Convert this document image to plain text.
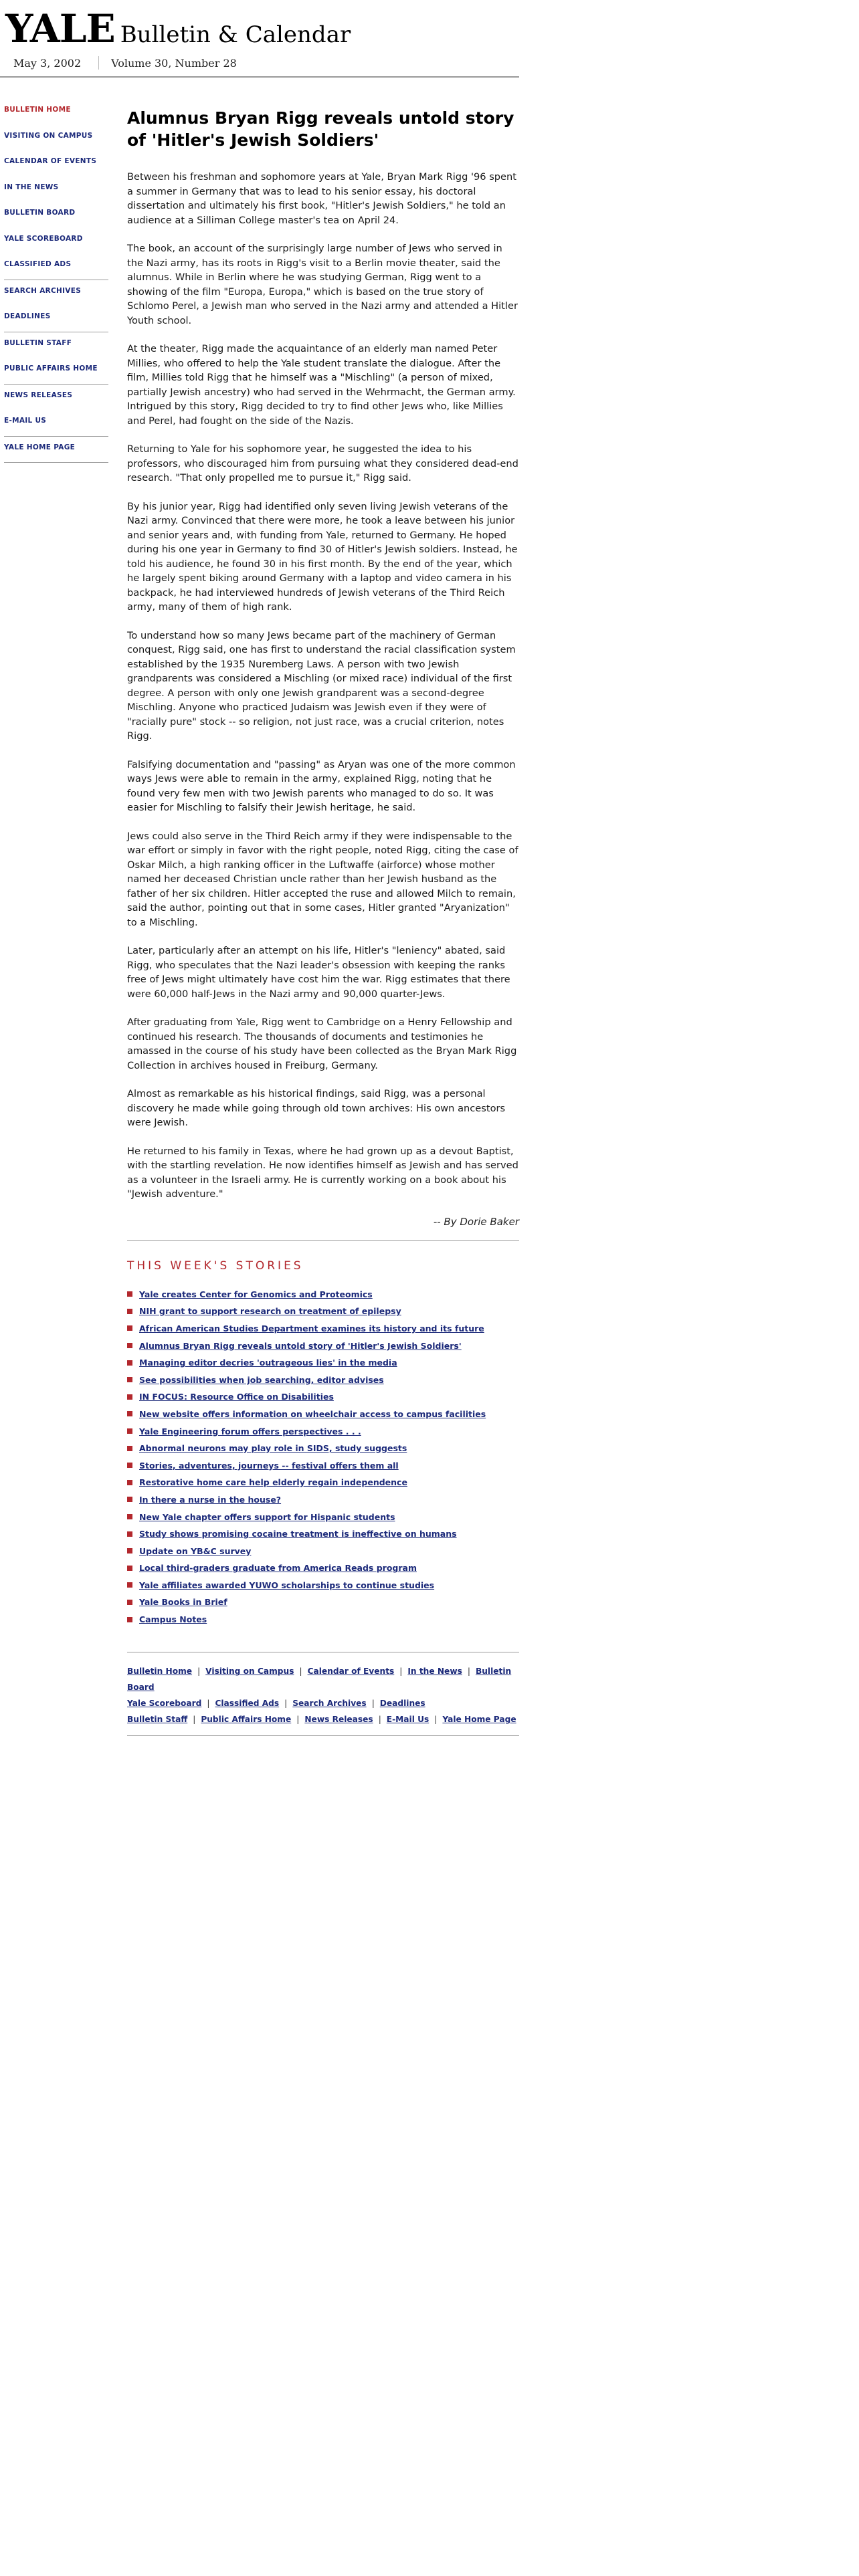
YALE Bulletin & Calendar
May 3, 2002	Volume 30, Number 28
BULLETIN HOME
VISITING ON CAMPUS
CALENDAR OF EVENTS
IN THE NEWS
BULLETIN BOARD
YALE SCOREBOARD
CLASSIFIED ADS
SEARCH ARCHIVES
DEADLINES
BULLETIN STAFF
PUBLIC AFFAIRS HOME
NEWS RELEASES
E-MAIL US
YALE HOME PAGE
Alumnus Bryan Rigg reveals untold story of 'Hitler's Jewish Soldiers'

Between his freshman and sophomore years at Yale, Bryan Mark Rigg '96 spent a summer in Germany that was to lead to his senior essay, his doctoral dissertation and ultimately his first book, "Hitler's Jewish Soldiers," he told an audience at a Silliman College master's tea on April 24.

The book, an account of the surprisingly large number of Jews who served in the Nazi army, has its roots in Rigg's visit to a Berlin movie theater, said the alumnus. While in Berlin where he was studying German, Rigg went to a showing of the film "Europa, Europa," which is based on the true story of Schlomo Perel, a Jewish man who served in the Nazi army and attended a Hitler Youth school.

At the theater, Rigg made the acquaintance of an elderly man named Peter Millies, who offered to help the Yale student translate the dialogue. After the film, Millies told Rigg that he himself was a "Mischling" (a person of mixed, partially Jewish ancestry) who had served in the Wehrmacht, the German army. Intrigued by this story, Rigg decided to try to find other Jews who, like Millies and Perel, had fought on the side of the Nazis.

Returning to Yale for his sophomore year, he suggested the idea to his professors, who discouraged him from pursuing what they considered dead-end research. "That only propelled me to pursue it," Rigg said.

By his junior year, Rigg had identified only seven living Jewish veterans of the Nazi army. Convinced that there were more, he took a leave between his junior and senior years and, with funding from Yale, returned to Germany. He hoped during his one year in Germany to find 30 of Hitler's Jewish soldiers. Instead, he told his audience, he found 30 in his first month. By the end of the year, which he largely spent biking around Germany with a laptop and video camera in his backpack, he had interviewed hundreds of Jewish veterans of the Third Reich army, many of them of high rank.

To understand how so many Jews became part of the machinery of German conquest, Rigg said, one has first to understand the racial classification system established by the 1935 Nuremberg Laws. A person with two Jewish grandparents was considered a Mischling (or mixed race) individual of the first degree. A person with only one Jewish grandparent was a second-degree Mischling. Anyone who practiced Judaism was Jewish even if they were of "racially pure" stock -- so religion, not just race, was a crucial criterion, notes Rigg.

Falsifying documentation and "passing" as Aryan was one of the more common ways Jews were able to remain in the army, explained Rigg, noting that he found very few men with two Jewish parents who managed to do so. It was easier for Mischling to falsify their Jewish heritage, he said.

Jews could also serve in the Third Reich army if they were indispensable to the war effort or simply in favor with the right people, noted Rigg, citing the case of Oskar Milch, a high ranking officer in the Luftwaffe (airforce) whose mother named her deceased Christian uncle rather than her Jewish husband as the father of her six children. Hitler accepted the ruse and allowed Milch to remain, said the author, pointing out that in some cases, Hitler granted "Aryanization" to a Mischling.

Later, particularly after an attempt on his life, Hitler's "leniency" abated, said Rigg, who speculates that the Nazi leader's obsession with keeping the ranks free of Jews might ultimately have cost him the war. Rigg estimates that there were 60,000 half-Jews in the Nazi army and 90,000 quarter-Jews.

After graduating from Yale, Rigg went to Cambridge on a Henry Fellowship and continued his research. The thousands of documents and testimonies he amassed in the course of his study have been collected as the Bryan Mark Rigg Collection in archives housed in Freiburg, Germany.

Almost as remarkable as his historical findings, said Rigg, was a personal discovery he made while going through old town archives: His own ancestors were Jewish.

He returned to his family in Texas, where he had grown up as a devout Baptist, with the startling revelation. He now identifies himself as Jewish and has served as a volunteer in the Israeli army. He is currently working on a book about his "Jewish adventure."

-- By Dorie Baker
THIS WEEK'S STORIES
Yale creates Center for Genomics and Proteomics
NIH grant to support research on treatment of epilepsy
African American Studies Department examines its history and its future
Alumnus Bryan Rigg reveals untold story of 'Hitler's Jewish Soldiers'
Managing editor decries 'outrageous lies' in the media
See possibilities when job searching, editor advises
IN FOCUS: Resource Office on Disabilities
New website offers information on wheelchair access to campus facilities
Yale Engineering forum offers perspectives . . .
Abnormal neurons may play role in SIDS, study suggests
Stories, adventures, journeys -- festival offers them all
Restorative home care help elderly regain independence
In there a nurse in the house?
New Yale chapter offers support for Hispanic students
Study shows promising cocaine treatment is ineffective on humans
Update on YB&C survey
Local third-graders graduate from America Reads program
Yale affiliates awarded YUWO scholarships to continue studies
Yale Books in Brief
Campus Notes
Bulletin Home | Visiting on Campus | Calendar of Events | In the News | Bulletin Board
Yale Scoreboard | Classified Ads | Search Archives | Deadlines
Bulletin Staff | Public Affairs Home | News Releases | E-Mail Us | Yale Home Page
